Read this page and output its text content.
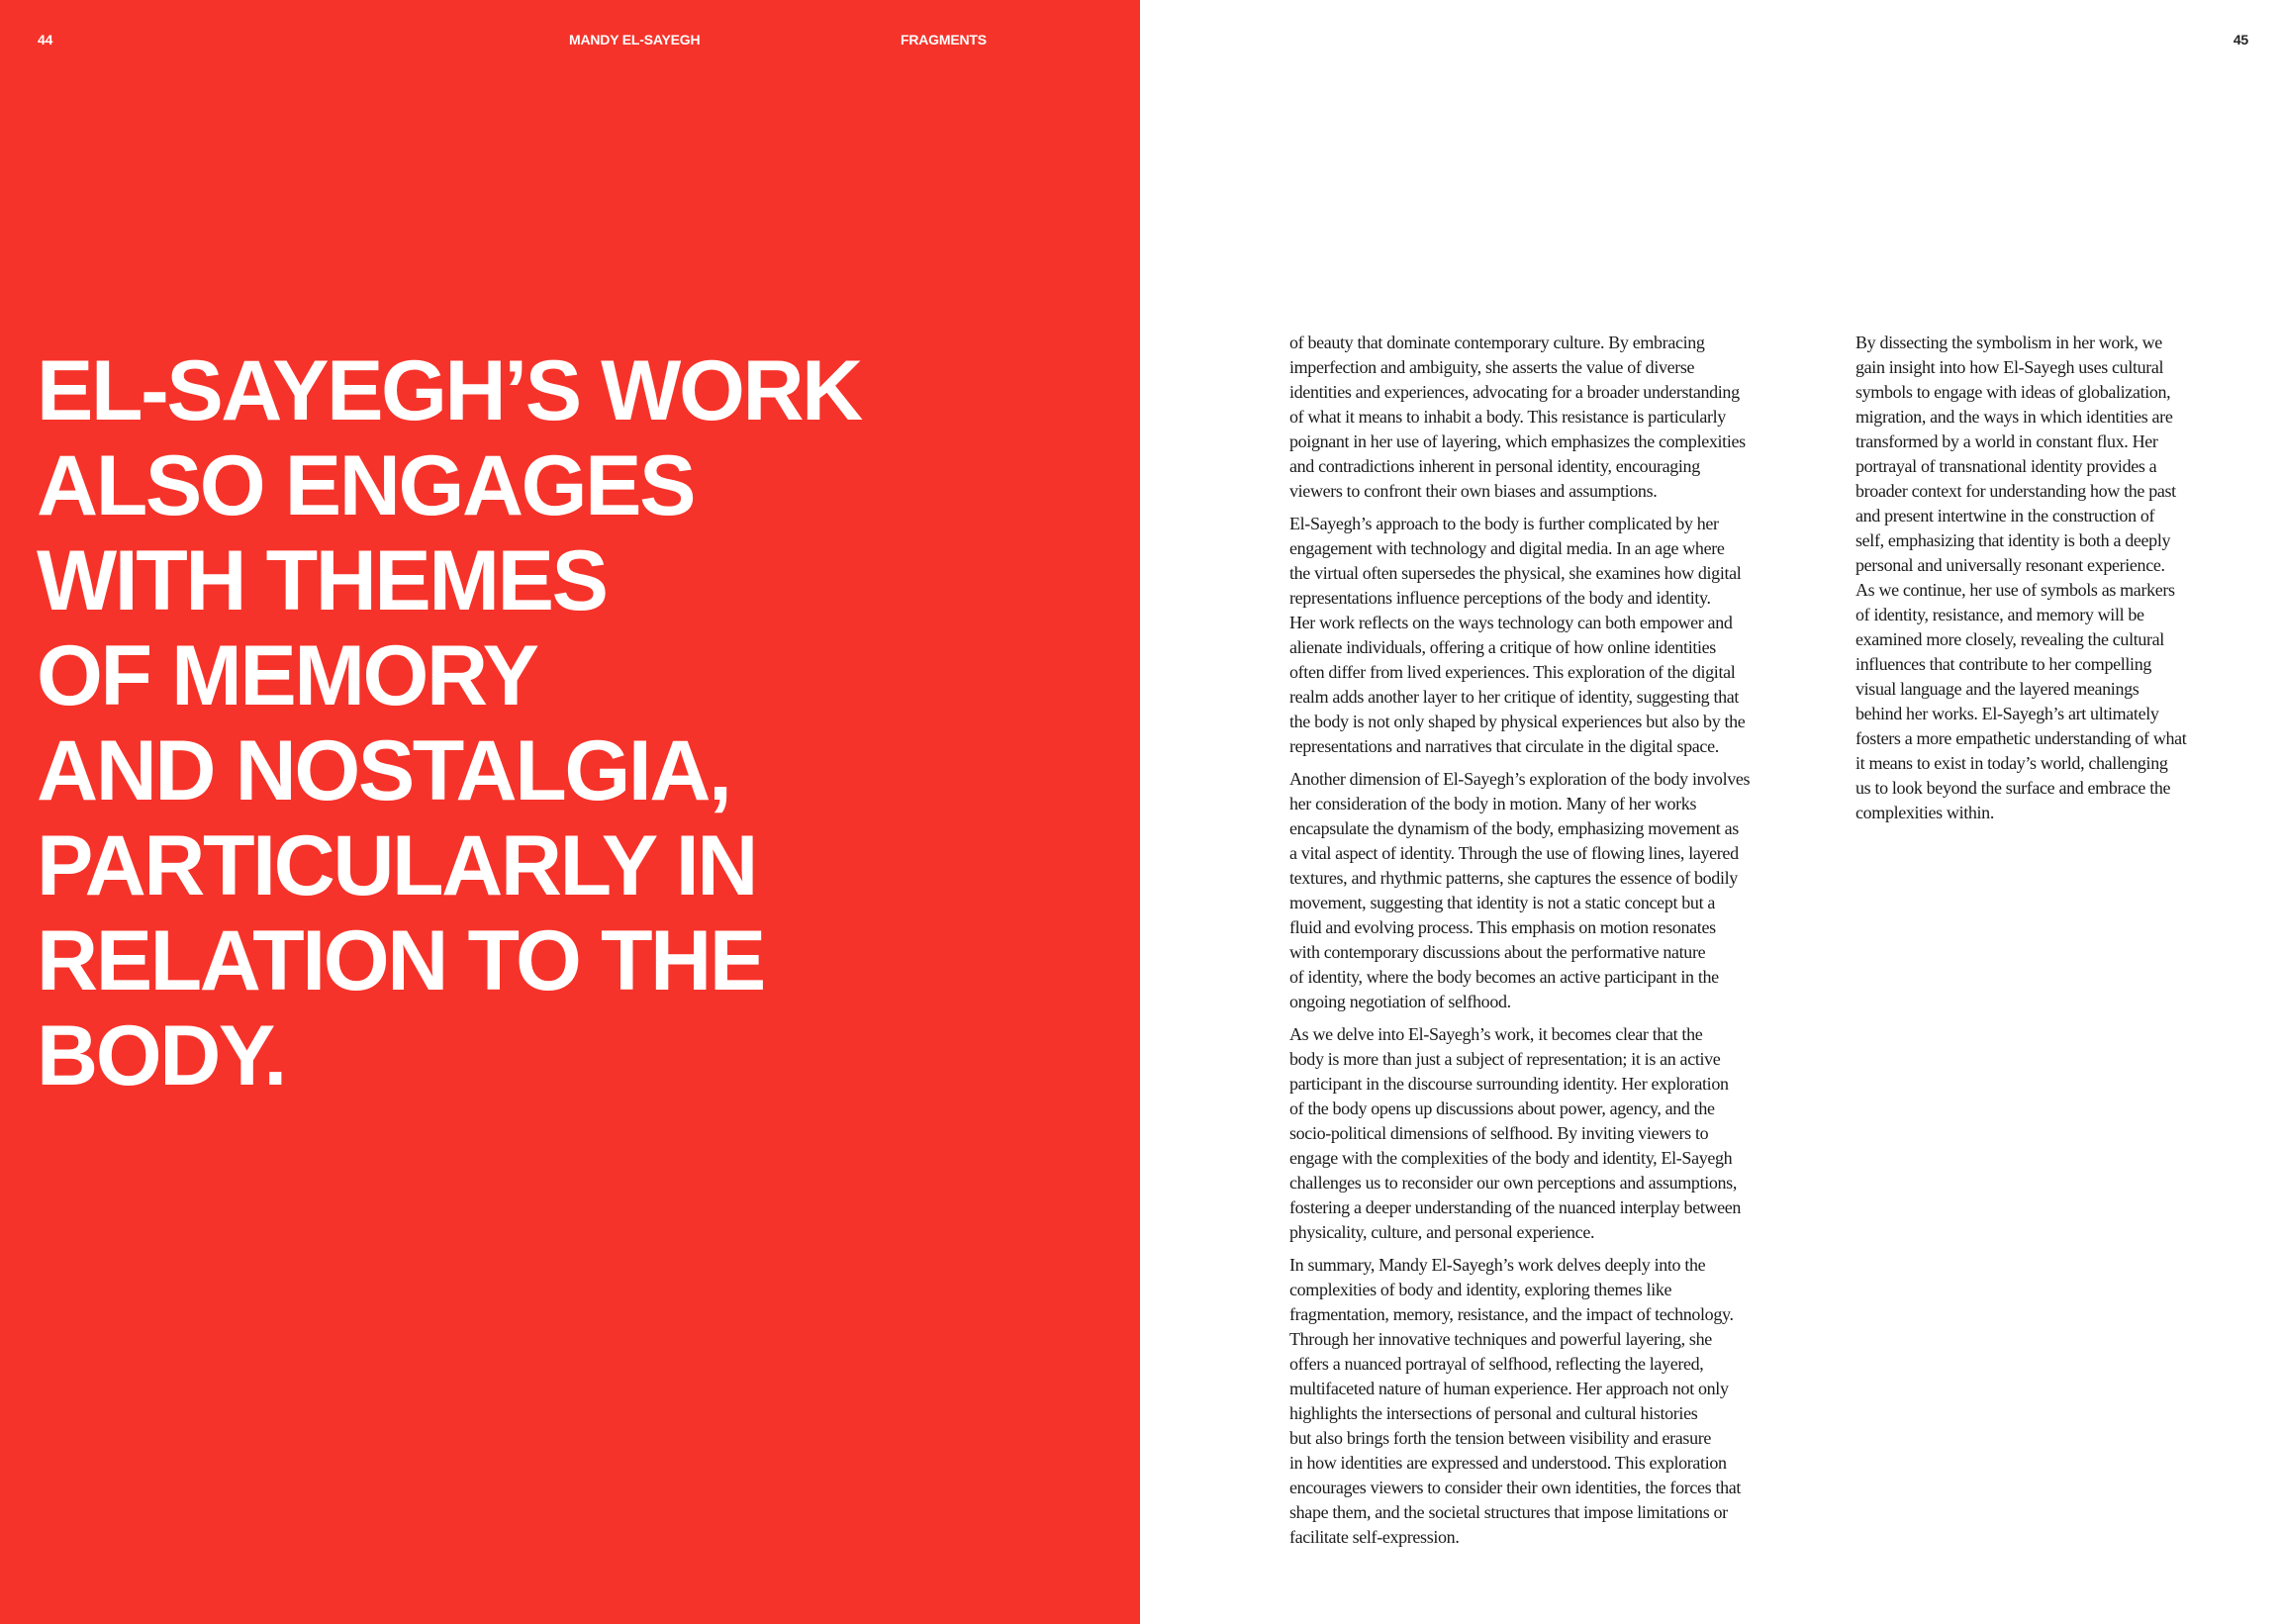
44	MANDY EL-SAYEGH	FRAGMENTS
EL-SAYEGH’S WORK
ALSO ENGAGES
WITH THEMES
OF MEMORY
AND NOSTALGIA,
PARTICULARLY IN
RELATION TO THE
BODY.
45

of beauty that dominate contemporary culture. By embracing
imperfection and ambiguity, she asserts the value of diverse
identities and experiences, advocating for a broader understanding
of what it means to inhabit a body. This resistance is particularly
poignant in her use of layering, which emphasizes the complexities
and contradictions inherent in personal identity, encouraging
viewers to confront their own biases and assumptions.

El-Sayegh’s approach to the body is further complicated by her
engagement with technology and digital media. In an age where
the virtual often supersedes the physical, she examines how digital
representations influence perceptions of the body and identity.
Her work reflects on the ways technology can both empower and
alienate individuals, offering a critique of how online identities
often differ from lived experiences. This exploration of the digital
realm adds another layer to her critique of identity, suggesting that
the body is not only shaped by physical experiences but also by the
representations and narratives that circulate in the digital space.

Another dimension of El-Sayegh’s exploration of the body involves
her consideration of the body in motion. Many of her works
encapsulate the dynamism of the body, emphasizing movement as
a vital aspect of identity. Through the use of flowing lines, layered
textures, and rhythmic patterns, she captures the essence of bodily
movement, suggesting that identity is not a static concept but a
fluid and evolving process. This emphasis on motion resonates
with contemporary discussions about the performative nature
of identity, where the body becomes an active participant in the
ongoing negotiation of selfhood.

As we delve into El-Sayegh’s work, it becomes clear that the
body is more than just a subject of representation; it is an active
participant in the discourse surrounding identity. Her exploration
of the body opens up discussions about power, agency, and the
socio-political dimensions of selfhood. By inviting viewers to
engage with the complexities of the body and identity, El-Sayegh
challenges us to reconsider our own perceptions and assumptions,
fostering a deeper understanding of the nuanced interplay between
physicality, culture, and personal experience.

In summary, Mandy El-Sayegh’s work delves deeply into the
complexities of body and identity, exploring themes like
fragmentation, memory, resistance, and the impact of technology.
Through her innovative techniques and powerful layering, she
offers a nuanced portrayal of selfhood, reflecting the layered,
multifaceted nature of human experience. Her approach not only
highlights the intersections of personal and cultural histories
but also brings forth the tension between visibility and erasure
in how identities are expressed and understood. This exploration
encourages viewers to consider their own identities, the forces that
shape them, and the societal structures that impose limitations or
facilitate self-expression.

By dissecting the symbolism in her work, we
gain insight into how El-Sayegh uses cultural
symbols to engage with ideas of globalization,
migration, and the ways in which identities are
transformed by a world in constant flux. Her
portrayal of transnational identity provides a
broader context for understanding how the past
and present intertwine in the construction of
self, emphasizing that identity is both a deeply
personal and universally resonant experience.
As we continue, her use of symbols as markers
of identity, resistance, and memory will be
examined more closely, revealing the cultural
influences that contribute to her compelling
visual language and the layered meanings
behind her works. El-Sayegh’s art ultimately
fosters a more empathetic understanding of what
it means to exist in today’s world, challenging
us to look beyond the surface and embrace the
complexities within.
